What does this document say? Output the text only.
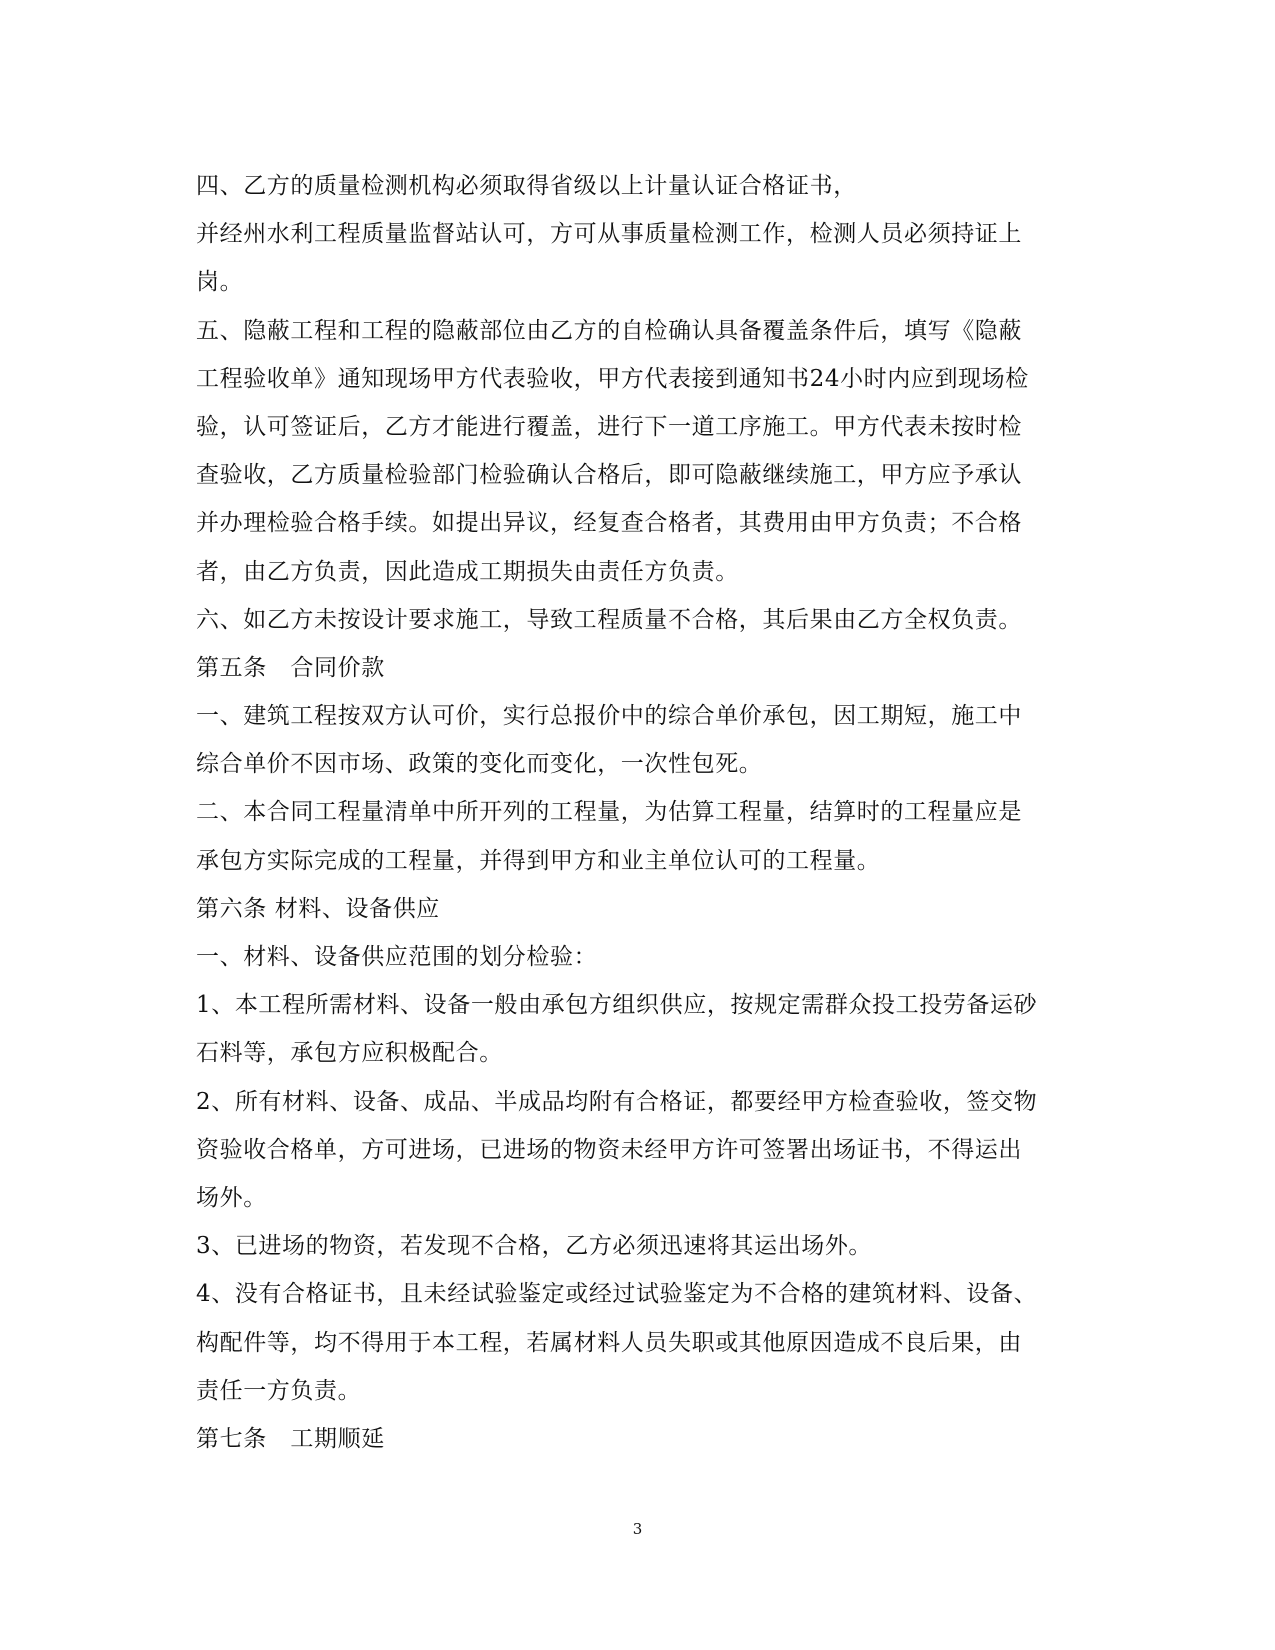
四、乙方的质量检测机构必须取得省级以上计量认证合格证书，
并经州水利工程质量监督站认可，方可从事质量检测工作，检测人员必须持证上
岗。
五、隐蔽工程和工程的隐蔽部位由乙方的自检确认具备覆盖条件后，填写《隐蔽
工程验收单》通知现场甲方代表验收，甲方代表接到通知书24小时内应到现场检
验，认可签证后，乙方才能进行覆盖，进行下一道工序施工。甲方代表未按时检
查验收，乙方质量检验部门检验确认合格后，即可隐蔽继续施工，甲方应予承认
并办理检验合格手续。如提出异议，经复查合格者，其费用由甲方负责；不合格
者，由乙方负责，因此造成工期损失由责任方负责。
六、如乙方未按设计要求施工，导致工程质量不合格，其后果由乙方全权负责。
第五条　合同价款
一、建筑工程按双方认可价，实行总报价中的综合单价承包，因工期短，施工中
综合单价不因市场、政策的变化而变化，一次性包死。
二、本合同工程量清单中所开列的工程量，为估算工程量，结算时的工程量应是
承包方实际完成的工程量，并得到甲方和业主单位认可的工程量。
第六条 材料、设备供应
一、材料、设备供应范围的划分检验：
1、本工程所需材料、设备一般由承包方组织供应，按规定需群众投工投劳备运砂
石料等，承包方应积极配合。
2、所有材料、设备、成品、半成品均附有合格证，都要经甲方检查验收，签交物
资验收合格单，方可进场，已进场的物资未经甲方许可签署出场证书，不得运出
场外。
3、已进场的物资，若发现不合格，乙方必须迅速将其运出场外。
4、没有合格证书，且未经试验鉴定或经过试验鉴定为不合格的建筑材料、设备、
构配件等，均不得用于本工程，若属材料人员失职或其他原因造成不良后果，由
责任一方负责。
第七条　工期顺延
3
